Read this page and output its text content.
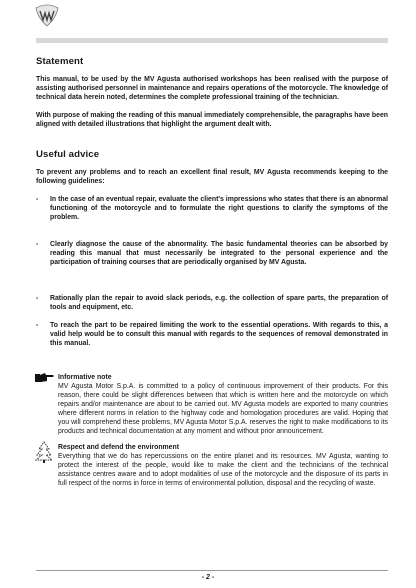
Statement

This manual, to be used by the MV Agusta authorised workshops has been realised with the purpose of assisting authorised personnel in maintenance and repairs operations of the motorcycle. The knowledge of technical data herein noted, determines the complete professional training of the technician.

With purpose of making the reading of this manual immediately comprehensible, the paragraphs have been aligned with detailed illustrations that highlight the argument dealt with.

Useful advice

To prevent any problems and to reach an excellent final result, MV Agusta recommends keeping to the following guidelines:

- In the case of an eventual repair, evaluate the client's impressions who states that there is an abnormal functioning of the motorcycle and to formulate the right questions to clarify the symptoms of the problem.
- Clearly diagnose the cause of the abnormality. The basic fundamental theories can be absorbed by reading this manual that must necessarily be integrated to the personal experience and the participation of training courses that are periodically organised by MV Agusta.
- Rationally plan the repair to avoid slack periods, e.g. the collection of spare parts, the preparation of tools and equipment, etc.
- To reach the part to be repaired limiting the work to the essential operations. With regards to this, a valid help would be to consult this manual with regards to the sequences of removal demonstrated in this manual.
Informative note

MV Agusta Motor S.p.A. is committed to a policy of continuous improvement of their products. For this reason, there could be slight differences between that which is written here and the motorcycle on which repairs and/or maintenance are about to be carried out. MV Agusta models are exported to many countries where different norms in relation to the highway code and homologation procedures are valid. Hoping that you will comprehend these problems, MV Agusta Motor S.p.A. reserves the right to make modifications to its products and technical documentation at any moment and without prior announcement.

Respect and defend the environment

Everything that we do has repercussions on the entire planet and its resources. MV Agusta, wanting to protect the interest of the people, would like to make the client and the technicians of the technical assistance centres aware and to adopt modalities of use of the motorcycle and the disposure of its parts in full respect of the norms in force in terms of environmental pollution, disposal and the recycling of waste.

- 2 -
